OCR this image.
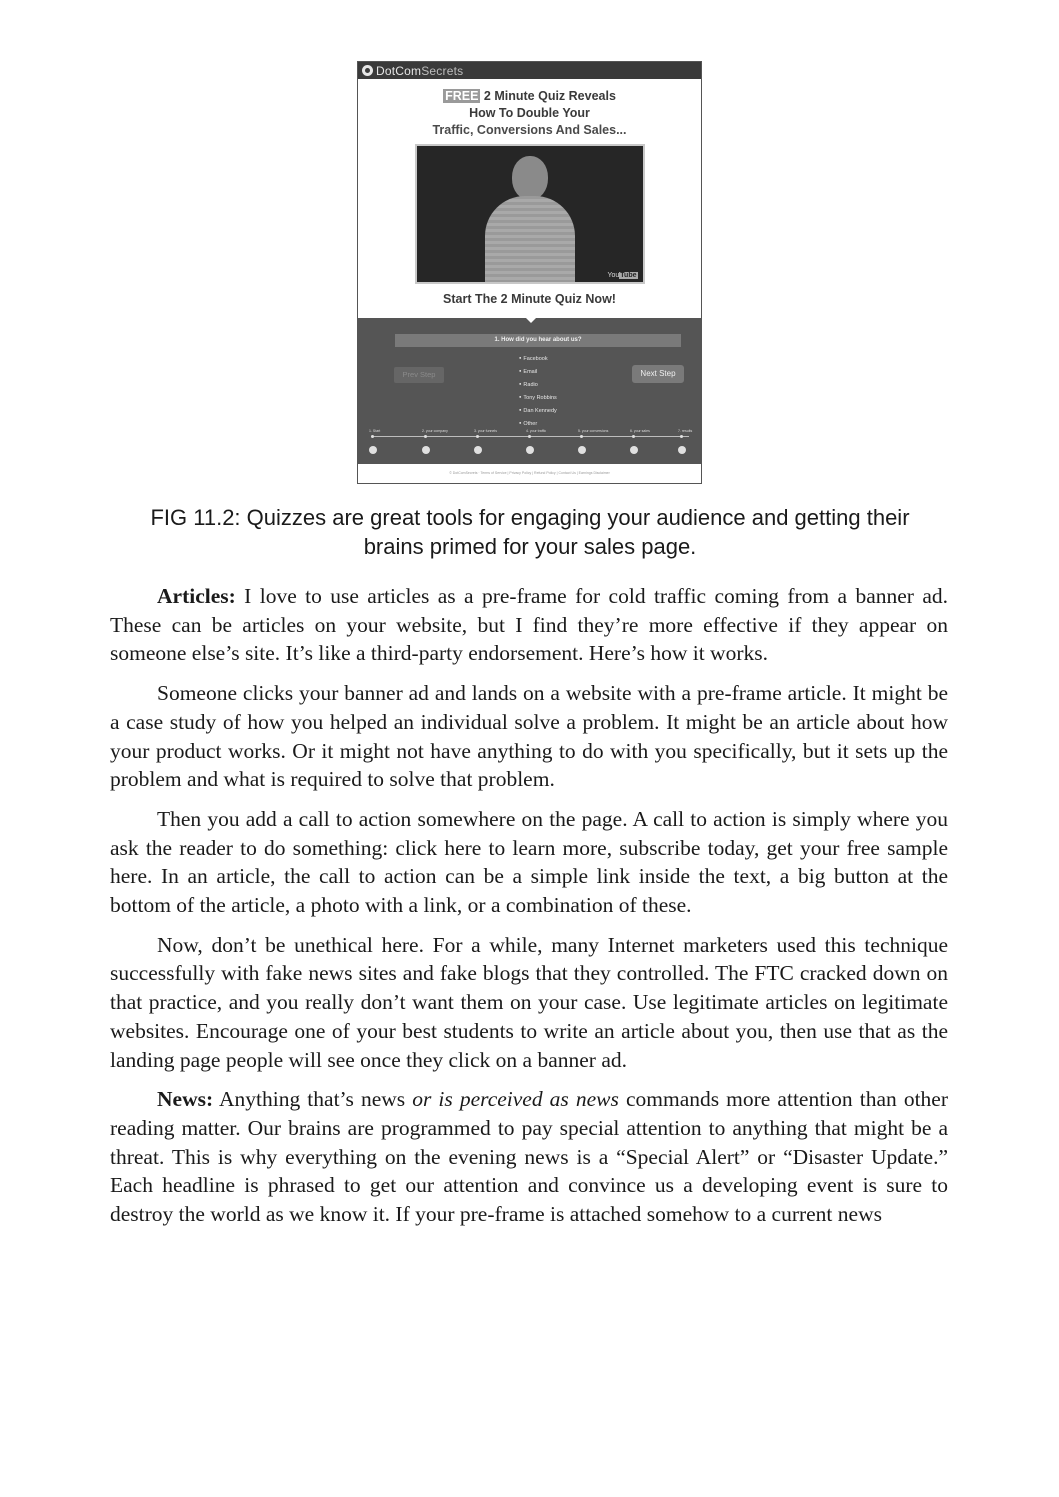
DotComSecrets
FREE 2 Minute Quiz Reveals
How To Double Your
Traffic, Conversions And Sales...
YouTube
Start The 2 Minute Quiz Now!
1. How did you hear about us?
Prev Step
● Facebook
● Email
● Radio
● Tony Robbins
● Dan Kennedy
● Other
Next Step
1. Start	2. your company	3. your funnels	4. your traffic	5. your conversions	6. your sales	7. results
© DotComSecrets · Terms of Service | Privacy Policy | Refund Policy | Contact Us | Earnings Disclaimer
FIG 11.2: Quizzes are great tools for engaging your audience and getting their
brains primed for your sales page.

Articles: I love to use articles as a pre-frame for cold traffic coming from a banner ad. These can be articles on your website, but I find they’re more effective if they appear on someone else’s site. It’s like a third-party endorsement. Here’s how it works.

Someone clicks your banner ad and lands on a website with a pre-frame article. It might be a case study of how you helped an individual solve a problem. It might be an article about how your product works. Or it might not have anything to do with you specifically, but it sets up the problem and what is required to solve that problem.

Then you add a call to action somewhere on the page. A call to action is simply where you ask the reader to do something: click here to learn more, subscribe today, get your free sample here. In an article, the call to action can be a simple link inside the text, a big button at the bottom of the article, a photo with a link, or a combination of these.

Now, don’t be unethical here. For a while, many Internet marketers used this technique successfully with fake news sites and fake blogs that they controlled. The FTC cracked down on that practice, and you really don’t want them on your case. Use legitimate articles on legitimate websites. Encourage one of your best students to write an article about you, then use that as the landing page people will see once they click on a banner ad.

News: Anything that’s news or is perceived as news commands more attention than other reading matter. Our brains are programmed to pay special attention to anything that might be a threat. This is why everything on the evening news is a “Special Alert” or “Disaster Update.” Each headline is phrased to get our attention and convince us a developing event is sure to destroy the world as we know it. If your pre-frame is attached somehow to a current news
